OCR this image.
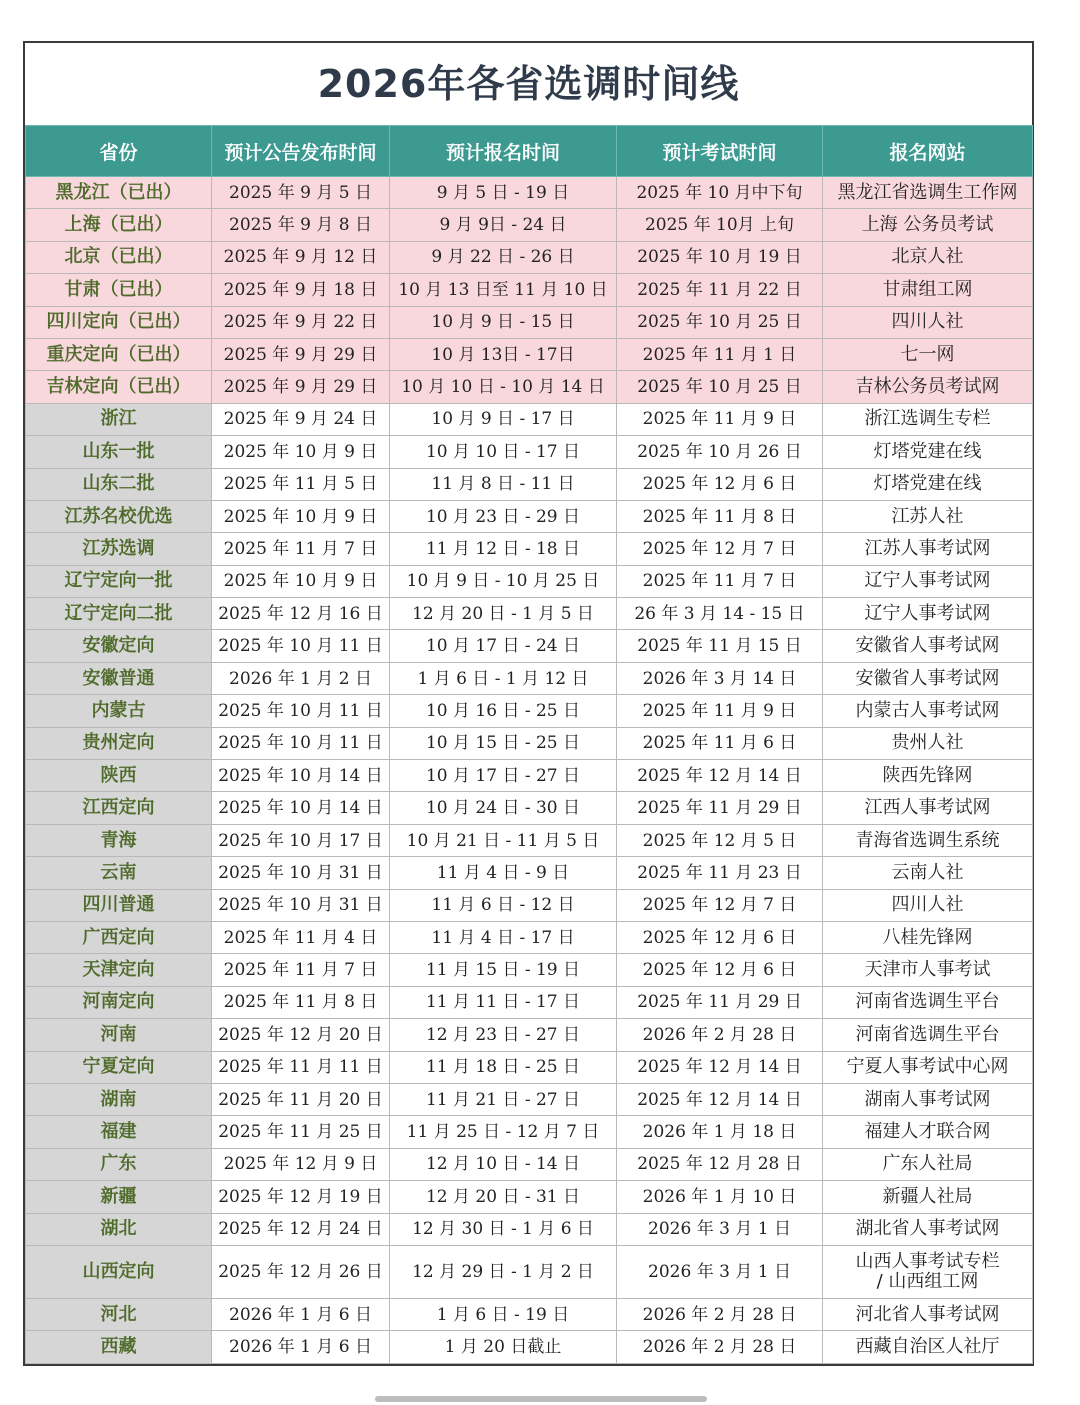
2026年各省选调时间线
省份	预计公告发布时间	预计报名时间	预计考试时间	报名网站
黑龙江（已出）	2025 年 9 月 5 日	9 月 5 日 - 19 日	2025 年 10 月中下旬	黑龙江省选调生工作网
上海（已出）	2025 年 9 月 8 日	9 月 9日 - 24 日	2025 年 10月 上旬	上海 公务员考试
北京（已出）	2025 年 9 月 12 日	9 月 22 日 - 26 日	2025 年 10 月 19 日	北京人社
甘肃（已出）	2025 年 9 月 18 日	10 月 13 日至 11 月 10 日	2025 年 11 月 22 日	甘肃组工网
四川定向（已出）	2025 年 9 月 22 日	10 月 9 日 - 15 日	2025 年 10 月 25 日	四川人社
重庆定向（已出）	2025 年 9 月 29 日	10 月 13日 - 17日	2025 年 11 月 1 日	七一网
吉林定向（已出）	2025 年 9 月 29 日	10 月 10 日 - 10 月 14 日	2025 年 10 月 25 日	吉林公务员考试网
浙江	2025 年 9 月 24 日	10 月 9 日 - 17 日	2025 年 11 月 9 日	浙江选调生专栏
山东一批	2025 年 10 月 9 日	10 月 10 日 - 17 日	2025 年 10 月 26 日	灯塔党建在线
山东二批	2025 年 11 月 5 日	11 月 8 日 - 11 日	2025 年 12 月 6 日	灯塔党建在线
江苏名校优选	2025 年 10 月 9 日	10 月 23 日 - 29 日	2025 年 11 月 8 日	江苏人社
江苏选调	2025 年 11 月 7 日	11 月 12 日 - 18 日	2025 年 12 月 7 日	江苏人事考试网
辽宁定向一批	2025 年 10 月 9 日	10 月 9 日 - 10 月 25 日	2025 年 11 月 7 日	辽宁人事考试网
辽宁定向二批	2025 年 12 月 16 日	12 月 20 日 - 1 月 5 日	26 年 3 月 14 - 15 日	辽宁人事考试网
安徽定向	2025 年 10 月 11 日	10 月 17 日 - 24 日	2025 年 11 月 15 日	安徽省人事考试网
安徽普通	2026 年 1 月 2 日	1 月 6 日 - 1 月 12 日	2026 年 3 月 14 日	安徽省人事考试网
内蒙古	2025 年 10 月 11 日	10 月 16 日 - 25 日	2025 年 11 月 9 日	内蒙古人事考试网
贵州定向	2025 年 10 月 11 日	10 月 15 日 - 25 日	2025 年 11 月 6 日	贵州人社
陕西	2025 年 10 月 14 日	10 月 17 日 - 27 日	2025 年 12 月 14 日	陕西先锋网
江西定向	2025 年 10 月 14 日	10 月 24 日 - 30 日	2025 年 11 月 29 日	江西人事考试网
青海	2025 年 10 月 17 日	10 月 21 日 - 11 月 5 日	2025 年 12 月 5 日	青海省选调生系统
云南	2025 年 10 月 31 日	11 月 4 日 - 9 日	2025 年 11 月 23 日	云南人社
四川普通	2025 年 10 月 31 日	11 月 6 日 - 12 日	2025 年 12 月 7 日	四川人社
广西定向	2025 年 11 月 4 日	11 月 4 日 - 17 日	2025 年 12 月 6 日	八桂先锋网
天津定向	2025 年 11 月 7 日	11 月 15 日 - 19 日	2025 年 12 月 6 日	天津市人事考试
河南定向	2025 年 11 月 8 日	11 月 11 日 - 17 日	2025 年 11 月 29 日	河南省选调生平台
河南	2025 年 12 月 20 日	12 月 23 日 - 27 日	2026 年 2 月 28 日	河南省选调生平台
宁夏定向	2025 年 11 月 11 日	11 月 18 日 - 25 日	2025 年 12 月 14 日	宁夏人事考试中心网
湖南	2025 年 11 月 20 日	11 月 21 日 - 27 日	2025 年 12 月 14 日	湖南人事考试网
福建	2025 年 11 月 25 日	11 月 25 日 - 12 月 7 日	2026 年 1 月 18 日	福建人才联合网
广东	2025 年 12 月 9 日	12 月 10 日 - 14 日	2025 年 12 月 28 日	广东人社局
新疆	2025 年 12 月 19 日	12 月 20 日 - 31 日	2026 年 1 月 10 日	新疆人社局
湖北	2025 年 12 月 24 日	12 月 30 日 - 1 月 6 日	2026 年 3 月 1 日	湖北省人事考试网
山西定向	2025 年 12 月 26 日	12 月 29 日 - 1 月 2 日	2026 年 3 月 1 日	山西人事考试专栏
/ 山西组工网

河北	2026 年 1 月 6 日	1 月 6 日 - 19 日	2026 年 2 月 28 日	河北省人事考试网
西藏	2026 年 1 月 6 日	1 月 20 日截止	2026 年 2 月 28 日	西藏自治区人社厅
